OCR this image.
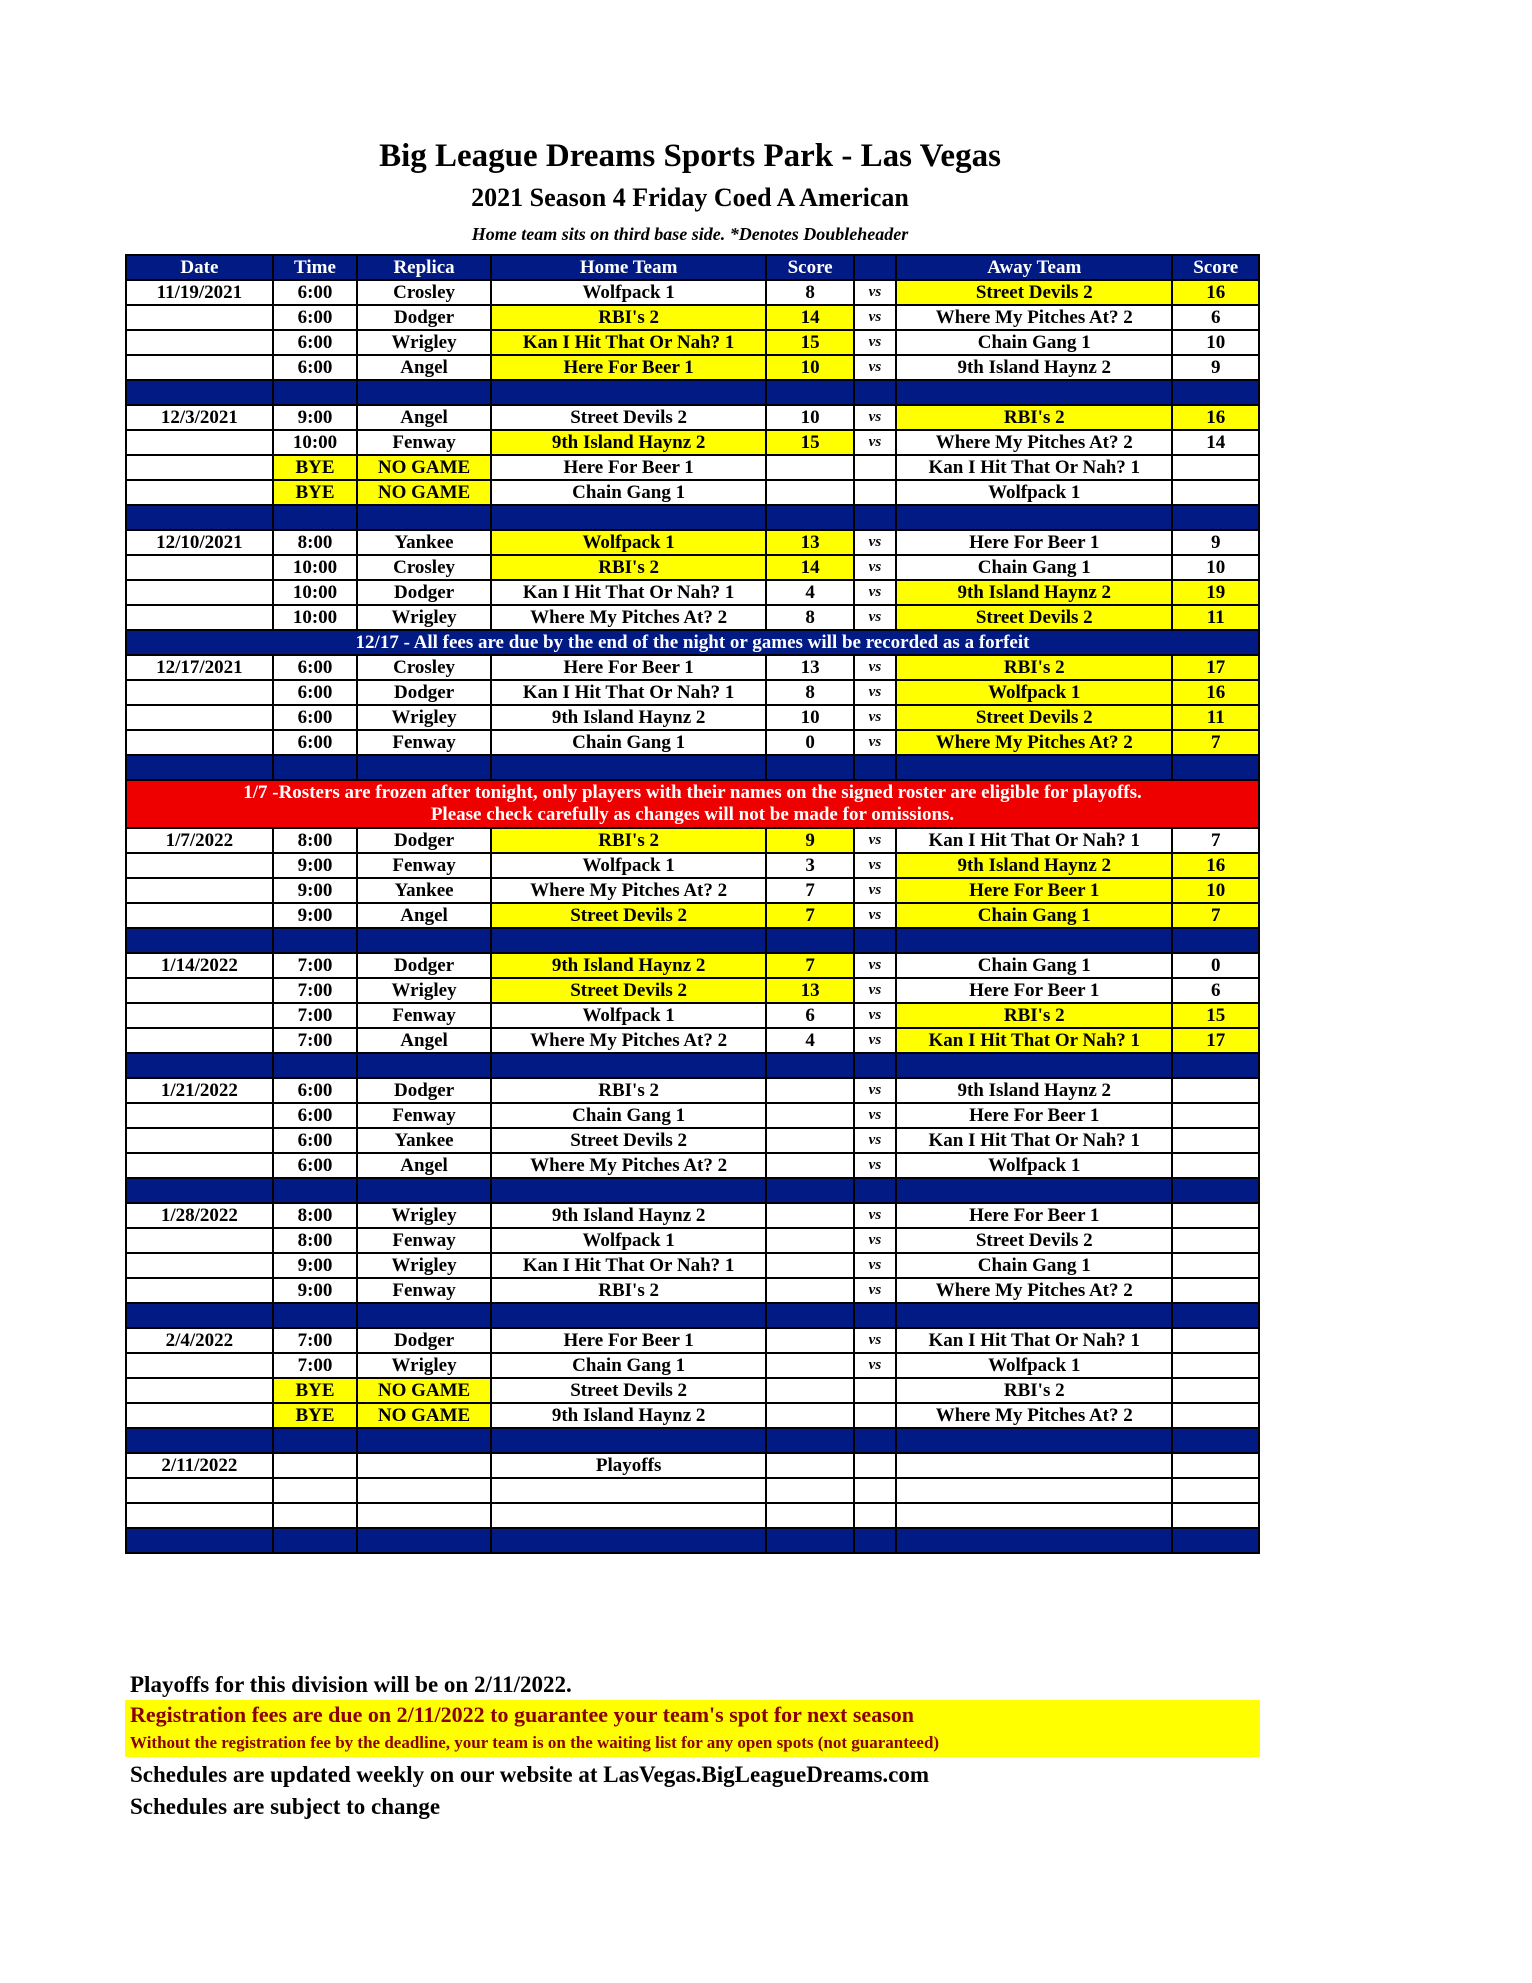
Big League Dreams Sports Park - Las Vegas
2021 Season 4 Friday Coed A American
Home team sits on third base side. *Denotes Doubleheader
Date	Time	Replica	Home Team	Score		Away Team	Score
11/19/2021	6:00	Crosley	Wolfpack 1	8	vs	Street Devils 2	16
	6:00	Dodger	RBI's 2	14	vs	Where My Pitches At? 2	6
	6:00	Wrigley	Kan I Hit That Or Nah? 1	15	vs	Chain Gang 1	10
	6:00	Angel	Here For Beer 1	10	vs	9th Island Haynz 2	9

12/3/2021	9:00	Angel	Street Devils 2	10	vs	RBI's 2	16
	10:00	Fenway	9th Island Haynz 2	15	vs	Where My Pitches At? 2	14
	BYE	NO GAME	Here For Beer 1			Kan I Hit That Or Nah? 1	
	BYE	NO GAME	Chain Gang 1			Wolfpack 1	

12/10/2021	8:00	Yankee	Wolfpack 1	13	vs	Here For Beer 1	9
	10:00	Crosley	RBI's 2	14	vs	Chain Gang 1	10
	10:00	Dodger	Kan I Hit That Or Nah? 1	4	vs	9th Island Haynz 2	19
	10:00	Wrigley	Where My Pitches At? 2	8	vs	Street Devils 2	11
12/17 - All fees are due by the end of the night or games will be recorded as a forfeit							
12/17/2021	6:00	Crosley	Here For Beer 1	13	vs	RBI's 2	17
	6:00	Dodger	Kan I Hit That Or Nah? 1	8	vs	Wolfpack 1	16
	6:00	Wrigley	9th Island Haynz 2	10	vs	Street Devils 2	11
	6:00	Fenway	Chain Gang 1	0	vs	Where My Pitches At? 2	7

1/7 -Rosters are frozen after tonight, only players with their names on the signed roster are eligible for playoffs.
Please check carefully as changes will not be made for omissions.							

1/7/2022	8:00	Dodger	RBI's 2	9	vs	Kan I Hit That Or Nah? 1	7
	9:00	Fenway	Wolfpack 1	3	vs	9th Island Haynz 2	16
	9:00	Yankee	Where My Pitches At? 2	7	vs	Here For Beer 1	10
	9:00	Angel	Street Devils 2	7	vs	Chain Gang 1	7

1/14/2022	7:00	Dodger	9th Island Haynz 2	7	vs	Chain Gang 1	0
	7:00	Wrigley	Street Devils 2	13	vs	Here For Beer 1	6
	7:00	Fenway	Wolfpack 1	6	vs	RBI's 2	15
	7:00	Angel	Where My Pitches At? 2	4	vs	Kan I Hit That Or Nah? 1	17

1/21/2022	6:00	Dodger	RBI's 2		vs	9th Island Haynz 2	
	6:00	Fenway	Chain Gang 1		vs	Here For Beer 1	
	6:00	Yankee	Street Devils 2		vs	Kan I Hit That Or Nah? 1	
	6:00	Angel	Where My Pitches At? 2		vs	Wolfpack 1	

1/28/2022	8:00	Wrigley	9th Island Haynz 2		vs	Here For Beer 1	
	8:00	Fenway	Wolfpack 1		vs	Street Devils 2	
	9:00	Wrigley	Kan I Hit That Or Nah? 1		vs	Chain Gang 1	
	9:00	Fenway	RBI's 2		vs	Where My Pitches At? 2	

2/4/2022	7:00	Dodger	Here For Beer 1		vs	Kan I Hit That Or Nah? 1	
	7:00	Wrigley	Chain Gang 1		vs	Wolfpack 1	
	BYE	NO GAME	Street Devils 2			RBI's 2	
	BYE	NO GAME	9th Island Haynz 2			Where My Pitches At? 2	

2/11/2022			Playoffs				

Playoffs for this division will be on 2/11/2022.
Registration fees are due on 2/11/2022 to guarantee your team's spot for next season
Without the registration fee by the deadline, your team is on the waiting list for any open spots (not guaranteed)
Schedules are updated weekly on our website at LasVegas.BigLeagueDreams.com
Schedules are subject to change
